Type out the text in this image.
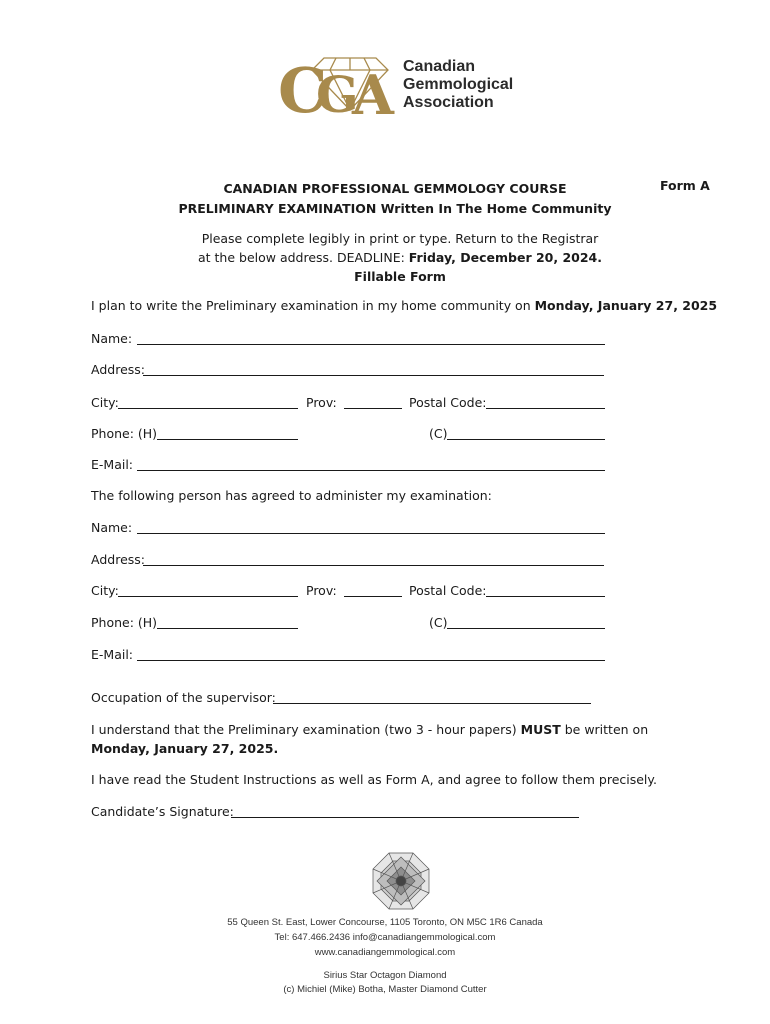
C
G
A Canadian
Gemmological
Association
Form A
CANADIAN PROFESSIONAL GEMMOLOGY COURSE
PRELIMINARY EXAMINATION Written In The Home Community
Please complete legibly in print or type. Return to the Registrar
at the below address. DEADLINE: Friday, December 20, 2024.
Fillable Form
I plan to write the Preliminary examination in my home community on Monday, January 27, 2025
Name:
Address:
City:	Prov:	Postal Code:
Phone: (H)	(C)
E-Mail:
The following person has agreed to administer my examination:
Name:
Address:
City:	Prov:	Postal Code:
Phone: (H)	(C)
E-Mail:
Occupation of the supervisor:
I understand that the Preliminary examination (two 3 - hour papers) MUST be written on
Monday, January 27, 2025.
I have read the Student Instructions as well as Form A, and agree to follow them precisely.
Candidate’s Signature:
55 Queen St. East, Lower Concourse, 1105 Toronto, ON M5C 1R6 Canada
Tel: 647.466.2436 info@canadiangemmological.com
www.canadiangemmological.com
Sirius Star Octagon Diamond
(c) Michiel (Mike) Botha, Master Diamond Cutter
